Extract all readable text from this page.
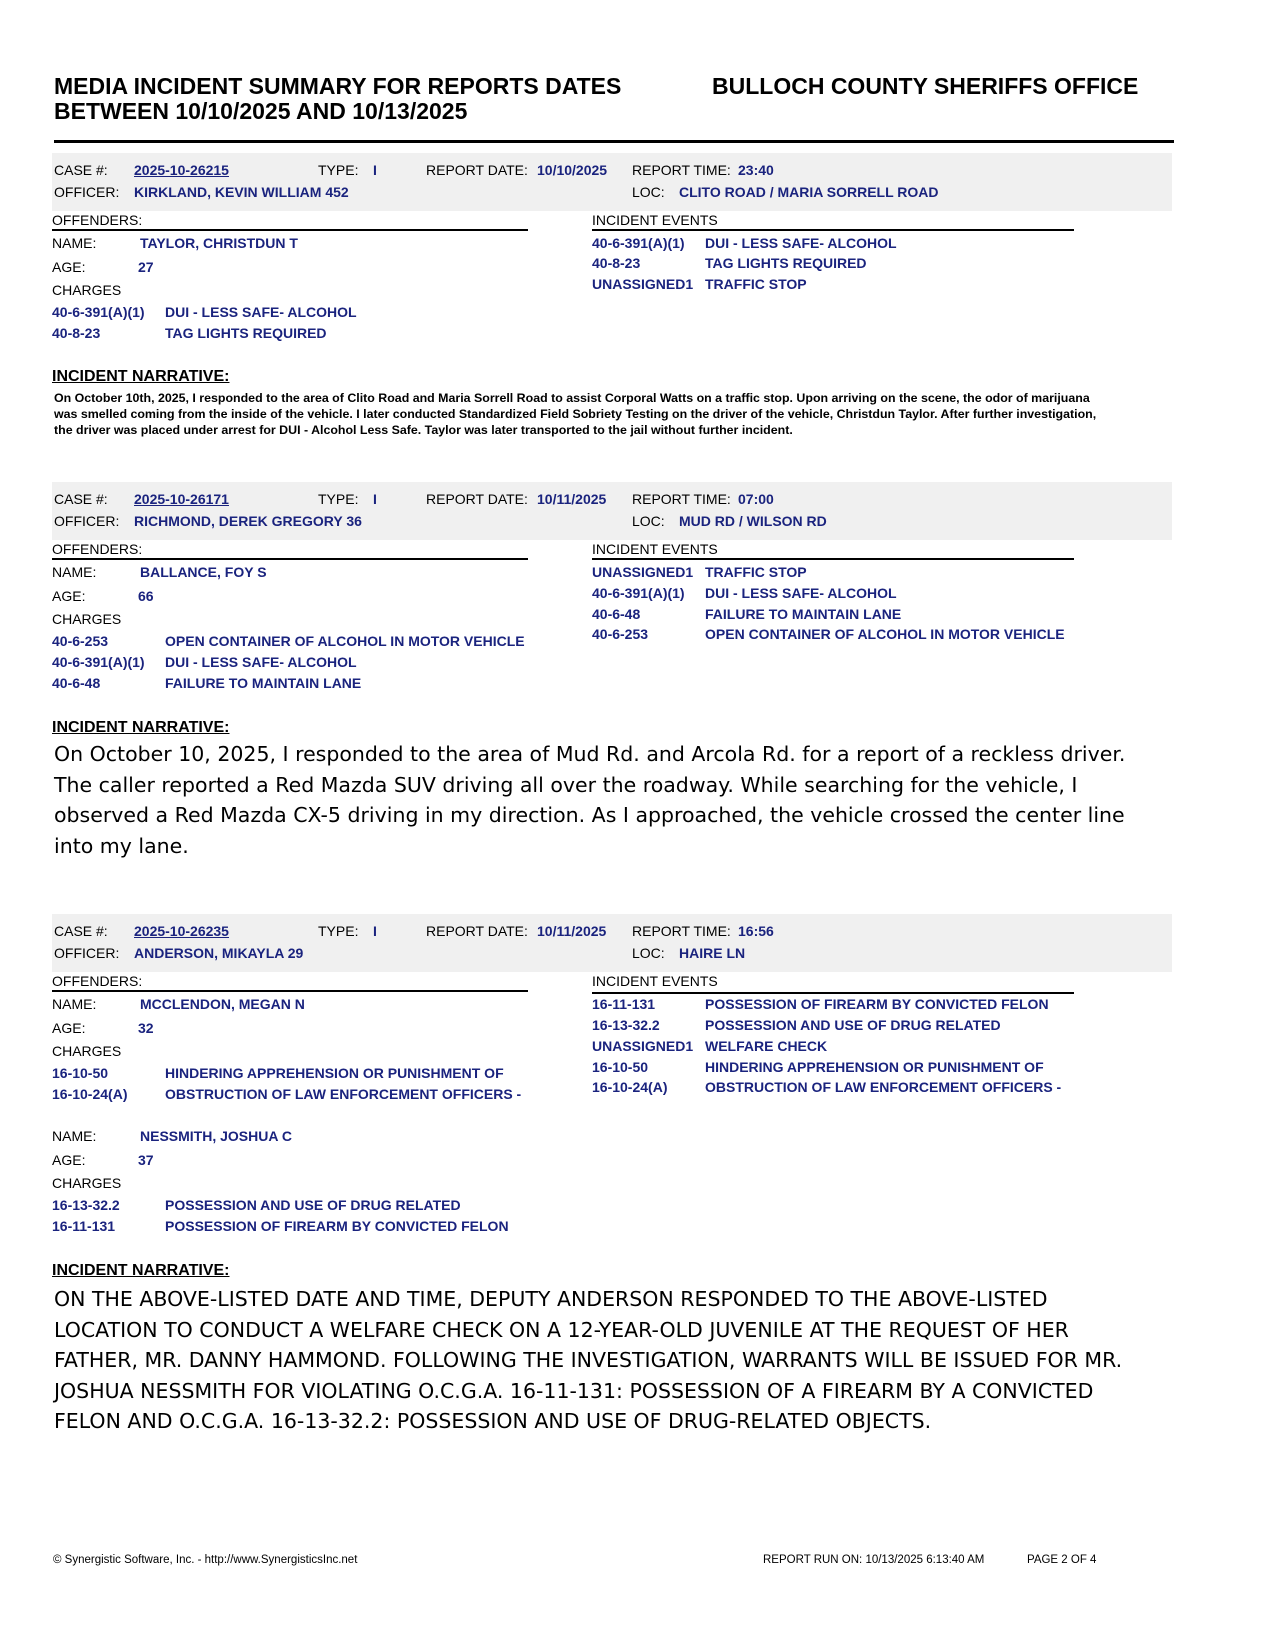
MEDIA INCIDENT SUMMARY FOR REPORTS DATES
BETWEEN 10/10/2025 AND 10/13/2025
BULLOCH COUNTY SHERIFFS OFFICE
CASE #: 2025-10-26215	TYPE: I	REPORT DATE: 10/10/2025 REPORT TIME: 23:40
OFFICER: KIRKLAND, KEVIN WILLIAM 452	LOC: CLITO ROAD / MARIA SORRELL ROAD
OFFENDERS:	INCIDENT EVENTS
NAME:	TAYLOR, CHRISTDUN T
AGE:	27
CHARGES
40-6-391(A)(1) DUI - LESS SAFE- ALCOHOL
40-8-23	TAG LIGHTS REQUIRED
40-6-391(A)(1) DUI - LESS SAFE- ALCOHOL
40-8-23	TAG LIGHTS REQUIRED
UNASSIGNED1 TRAFFIC STOP
INCIDENT NARRATIVE:
On October 10th, 2025, I responded to the area of Clito Road and Maria Sorrell Road to assist Corporal Watts on a traffic stop. Upon arriving on the scene, the odor of marijuana was smelled coming from the inside of the vehicle. I later conducted Standardized Field Sobriety Testing on the driver of the vehicle, Christdun Taylor. After further investigation, the driver was placed under arrest for DUI - Alcohol Less Safe. Taylor was later transported to the jail without further incident.
CASE #: 2025-10-26171	TYPE: I	REPORT DATE: 10/11/2025 REPORT TIME: 07:00
OFFICER: RICHMOND, DEREK GREGORY 36	LOC: MUD RD / WILSON RD
OFFENDERS:	INCIDENT EVENTS
NAME:	BALLANCE, FOY S
AGE:	66
CHARGES
40-6-253	OPEN CONTAINER OF ALCOHOL IN MOTOR VEHICLE
40-6-391(A)(1) DUI - LESS SAFE- ALCOHOL
40-6-48	FAILURE TO MAINTAIN LANE
UNASSIGNED1 TRAFFIC STOP
40-6-391(A)(1) DUI - LESS SAFE- ALCOHOL
40-6-48	FAILURE TO MAINTAIN LANE
40-6-253	OPEN CONTAINER OF ALCOHOL IN MOTOR VEHICLE
INCIDENT NARRATIVE:
On October 10, 2025, I responded to the area of Mud Rd. and Arcola Rd. for a report of a reckless driver. The caller reported a Red Mazda SUV driving all over the roadway. While searching for the vehicle, I observed a Red Mazda CX-5 driving in my direction. As I approached, the vehicle crossed the center line into my lane.
CASE #: 2025-10-26235	TYPE: I	REPORT DATE: 10/11/2025 REPORT TIME: 16:56
OFFICER: ANDERSON, MIKAYLA 29	LOC: HAIRE LN
OFFENDERS:	INCIDENT EVENTS
NAME:	MCCLENDON, MEGAN N
AGE:	32
CHARGES
16-10-50	HINDERING APPREHENSION OR PUNISHMENT OF
16-10-24(A)	OBSTRUCTION OF LAW ENFORCEMENT OFFICERS -
NAME:	NESSMITH, JOSHUA C
AGE:	37
CHARGES
16-13-32.2	POSSESSION AND USE OF DRUG RELATED
16-11-131	POSSESSION OF FIREARM BY CONVICTED FELON
16-11-131	POSSESSION OF FIREARM BY CONVICTED FELON
16-13-32.2	POSSESSION AND USE OF DRUG RELATED
UNASSIGNED1 WELFARE CHECK
16-10-50	HINDERING APPREHENSION OR PUNISHMENT OF
16-10-24(A)	OBSTRUCTION OF LAW ENFORCEMENT OFFICERS -
INCIDENT NARRATIVE:
ON THE ABOVE-LISTED DATE AND TIME, DEPUTY ANDERSON RESPONDED TO THE ABOVE-LISTED LOCATION TO CONDUCT A WELFARE CHECK ON A 12-YEAR-OLD JUVENILE AT THE REQUEST OF HER FATHER, MR. DANNY HAMMOND. FOLLOWING THE INVESTIGATION, WARRANTS WILL BE ISSUED FOR MR. JOSHUA NESSMITH FOR VIOLATING O.C.G.A. 16-11-131: POSSESSION OF A FIREARM BY A CONVICTED FELON AND O.C.G.A. 16-13-32.2: POSSESSION AND USE OF DRUG-RELATED OBJECTS.
© Synergistic Software, Inc. - http://www.SynergisticsInc.net	REPORT RUN ON: 10/13/2025 6:13:40 AM	PAGE 2 OF 4
